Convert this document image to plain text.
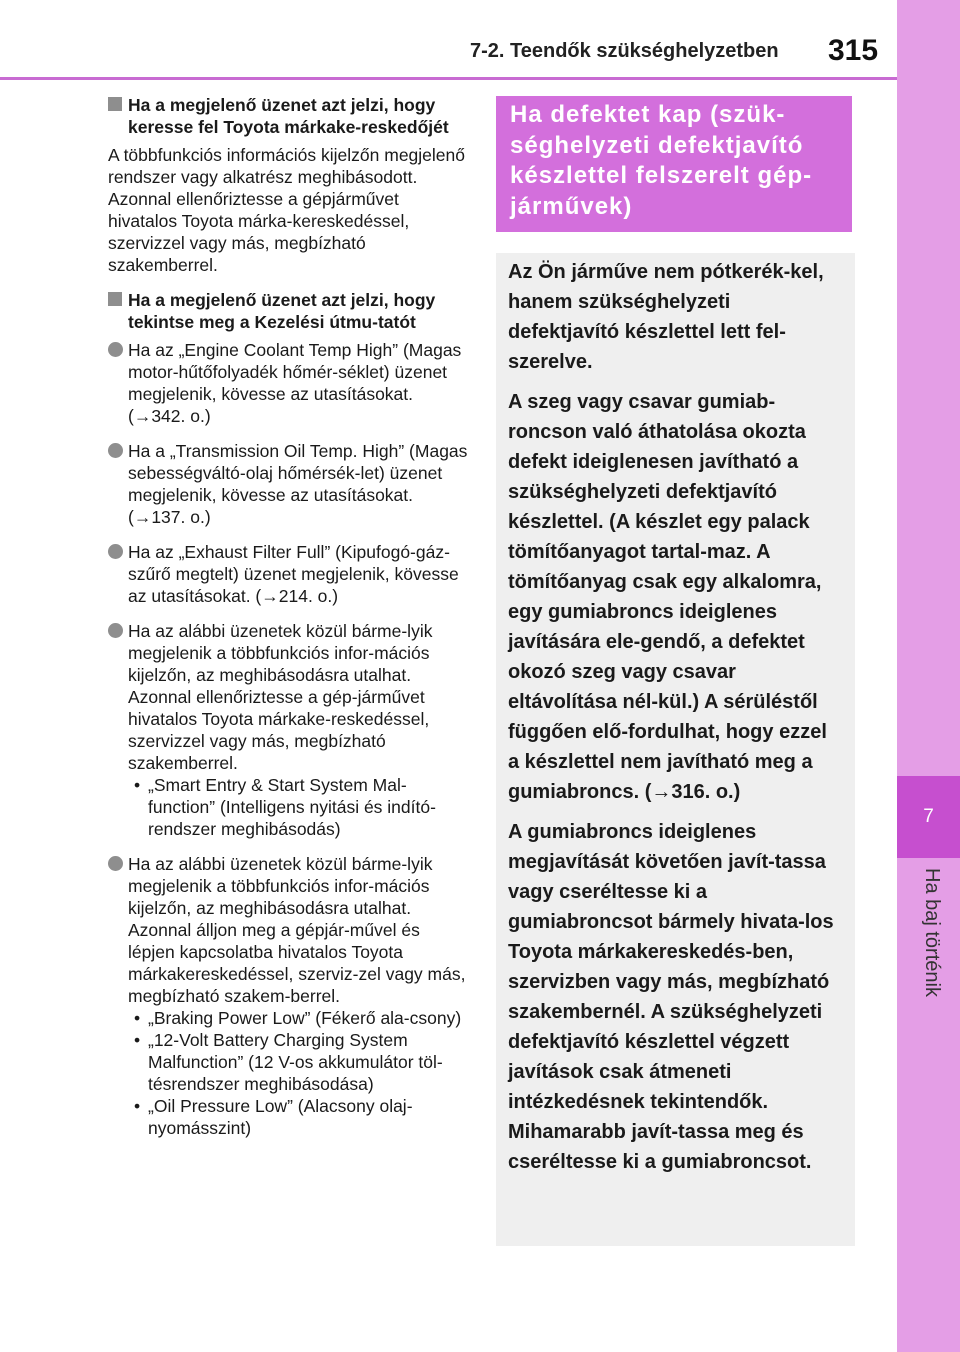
7
Ha baj történik
7-2. Teendők szükséghelyzetben 315
Ha a megjelenő üzenet azt jelzi, hogy keresse fel Toyota márkake-reskedőjét

A többfunkciós információs kijelzőn megjelenő rendszer vagy alkatrész meghibásodott. Azonnal ellenőriztesse a gépjárművet hivatalos Toyota márka-kereskedéssel, szervizzel vagy más, megbízható szakemberrel.

Ha a megjelenő üzenet azt jelzi, hogy tekintse meg a Kezelési útmu-tatót
Ha az „Engine Coolant Temp High” (Magas motor-hűtőfolyadék hőmér-séklet) üzenet megjelenik, kövesse az utasításokat. (→342. o.)
Ha a „Transmission Oil Temp. High” (Magas sebességváltó-olaj hőmérsék-let) üzenet megjelenik, kövesse az utasításokat. (→137. o.)
Ha az „Exhaust Filter Full” (Kipufogó-gáz-szűrő megtelt) üzenet megjelenik, kövesse az utasításokat. (→214. o.)
Ha az alábbi üzenetek közül bárme-lyik megjelenik a többfunkciós infor-mációs kijelzőn, az meghibásodásra utalhat. Azonnal ellenőriztesse a gép-járművet hivatalos Toyota márkake-reskedéssel, szervizzel vagy más, megbízható szakemberrel.
• „Smart Entry & Start System Mal-function” (Intelligens nyitási és indító-rendszer meghibásodás)
Ha az alábbi üzenetek közül bárme-lyik megjelenik a többfunkciós infor-mációs kijelzőn, az meghibásodásra utalhat. Azonnal álljon meg a gépjár-művel és lépjen kapcsolatba hivatalos Toyota márkakereskedéssel, szerviz-zel vagy más, megbízható szakem-berrel.
• „Braking Power Low” (Fékerő ala-csony)
• „12-Volt Battery Charging System Malfunction” (12 V-os akkumulátor töl-tésrendszer meghibásodása)
• „Oil Pressure Low” (Alacsony olaj-nyomásszint)
Ha defektet kap (szük-séghelyzeti defektjavító készlettel felszerelt gép-járművek)

Az Ön járműve nem pótkerék-kel, hanem szükséghelyzeti defektjavító készlettel lett fel-szerelve.

A szeg vagy csavar gumiab-roncson való áthatolása okozta defekt ideiglenesen javítható a szükséghelyzeti defektjavító készlettel. (A készlet egy palack tömítőanyagot tartal-maz. A tömítőanyag csak egy alkalomra, egy gumiabroncs ideiglenes javítására ele-gendő, a defektet okozó szeg vagy csavar eltávolítása nél-kül.) A sérüléstől függően elő-fordulhat, hogy ezzel a készlettel nem javítható meg a gumiabroncs. (→316. o.)

A gumiabroncs ideiglenes megjavítását követően javít-tassa vagy cseréltesse ki a gumiabroncsot bármely hivata-los Toyota márkakereskedés-ben, szervizben vagy más, megbízható szakembernél. A szükséghelyzeti defektjavító készlettel végzett javítások csak átmeneti intézkedésnek tekintendők. Mihamarabb javít-tassa meg és cseréltesse ki a gumiabroncsot.
